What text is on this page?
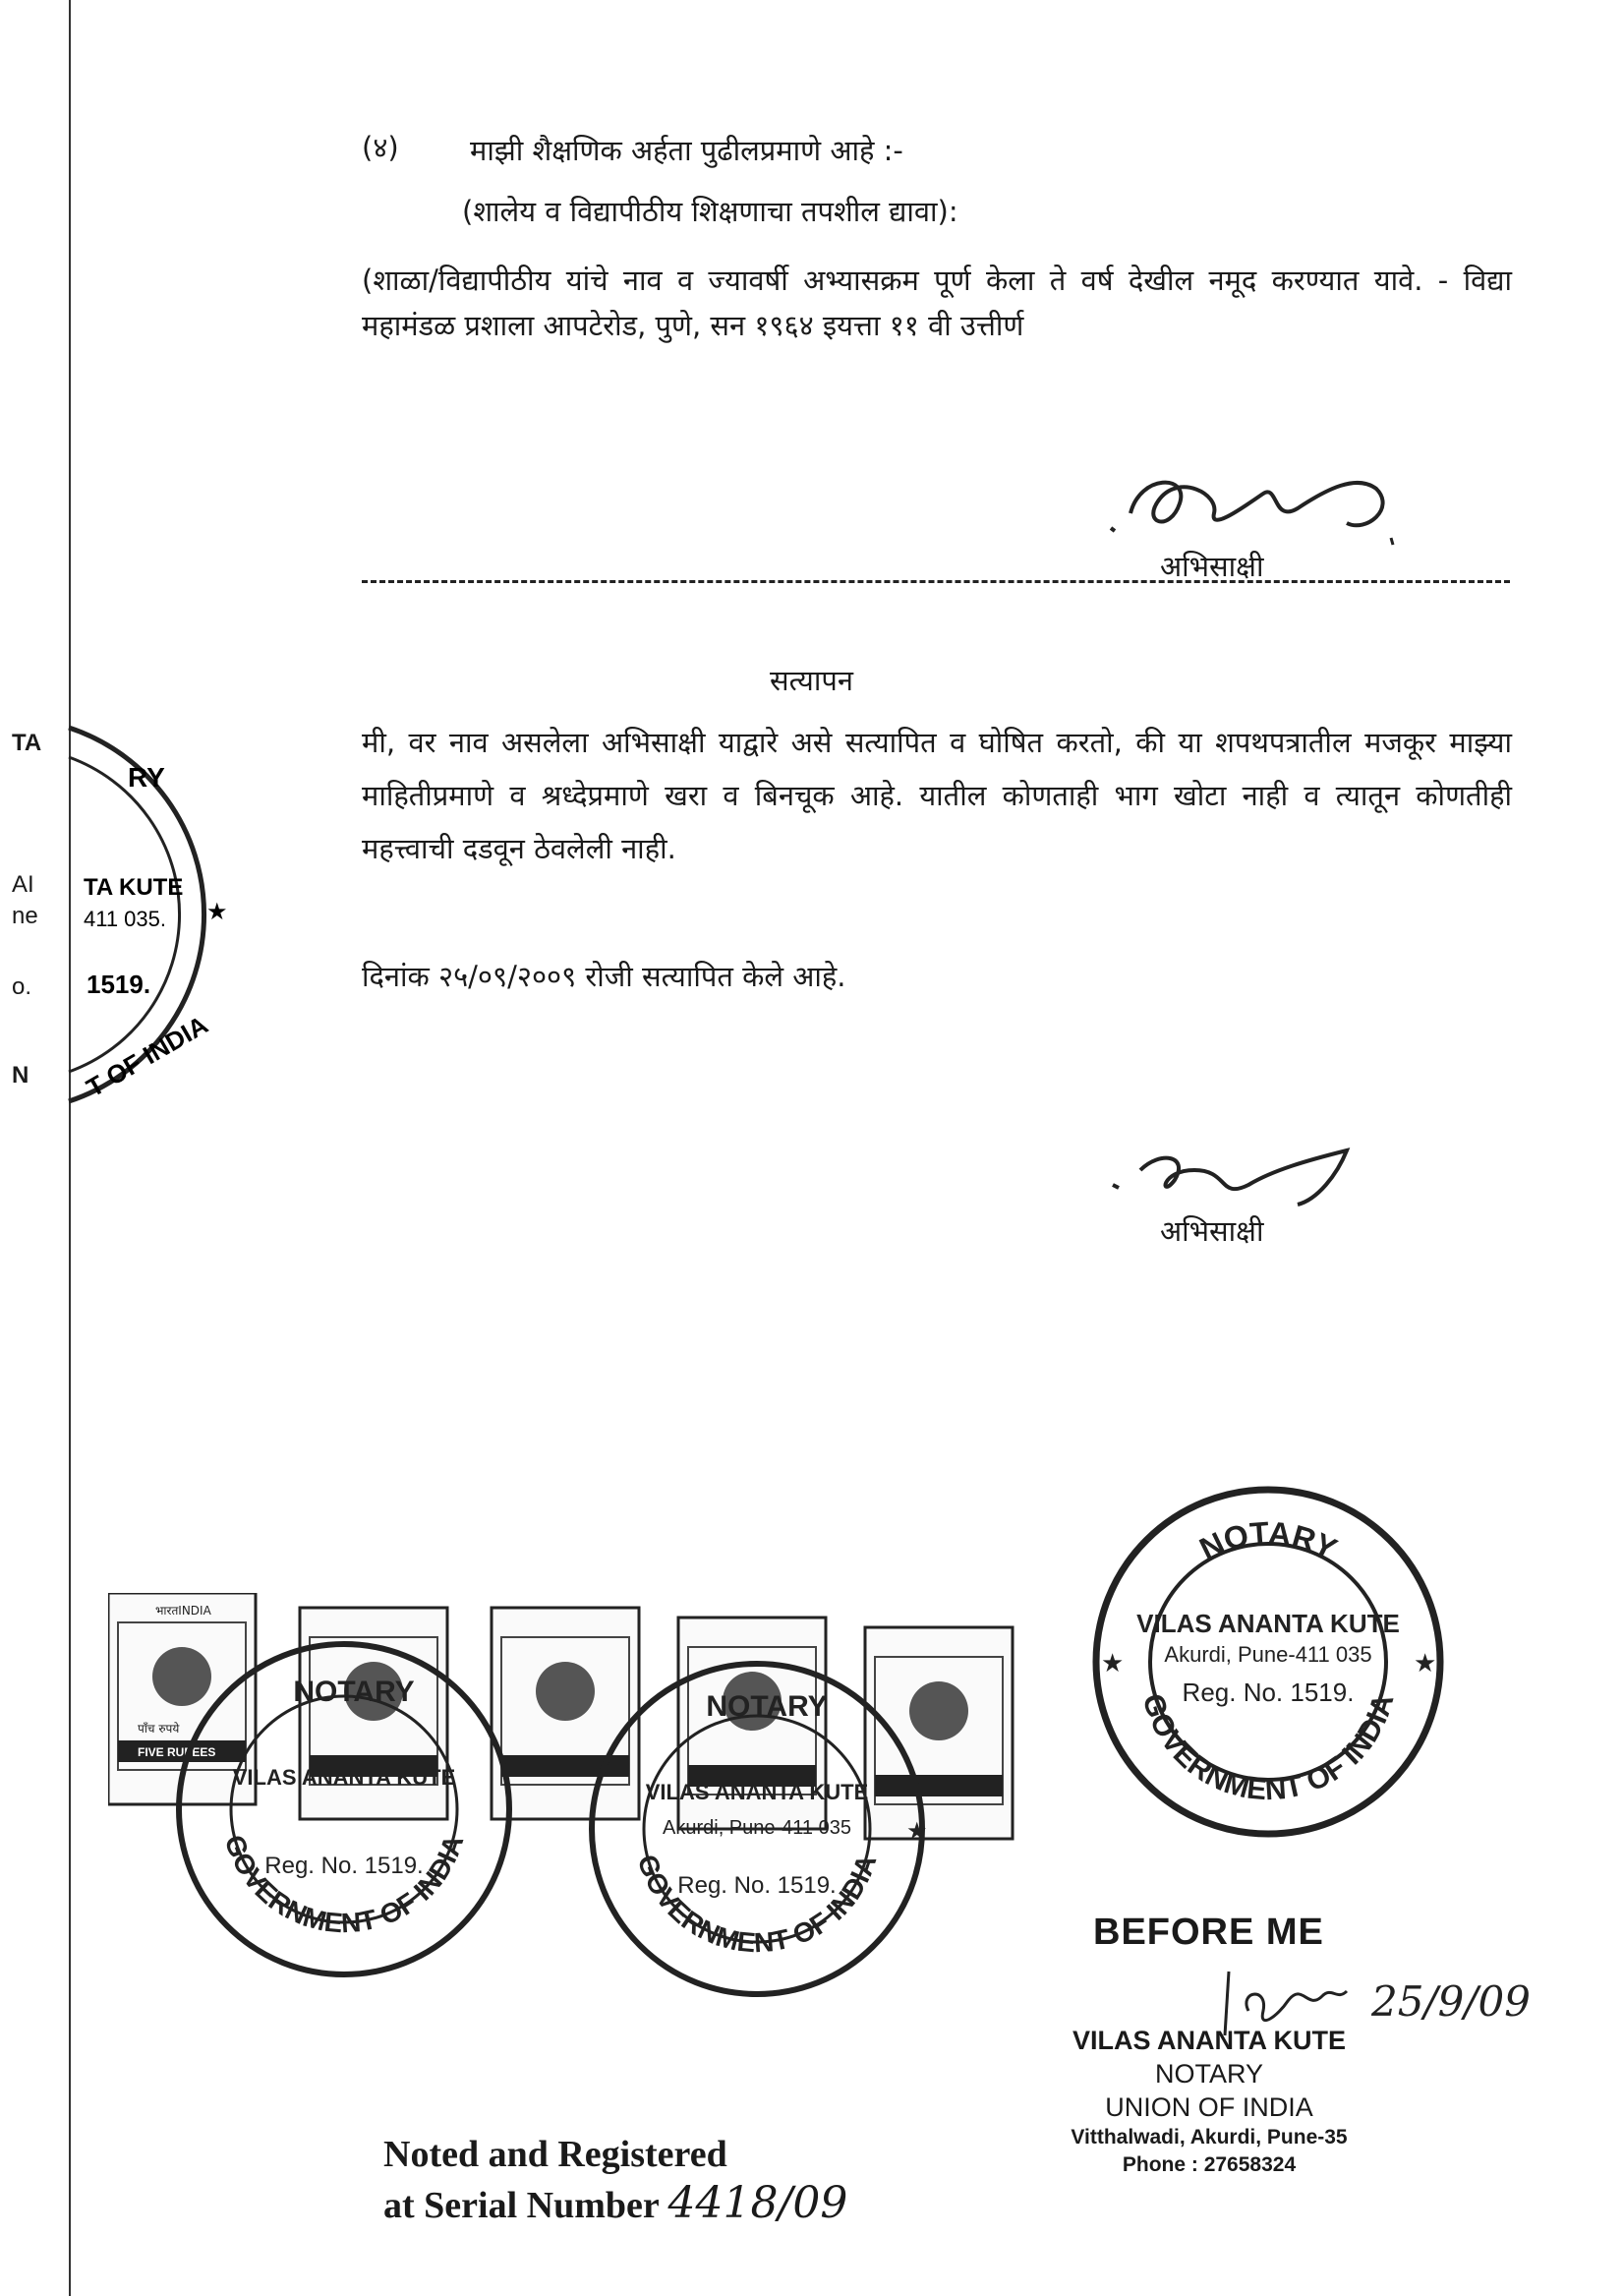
TA
AI
ne
o.
N
(४) माझी शैक्षणिक अर्हता पुढीलप्रमाणे आहे :-

(शालेय व विद्यापीठीय शिक्षणाचा तपशील द्यावा):

(शाळा/विद्यापीठीय यांचे नाव व ज्यावर्षी अभ्यासक्रम पूर्ण केला ते वर्ष देखील नमूद करण्यात यावे. - विद्या महामंडळ प्रशाला आपटेरोड, पुणे, सन १९६४ इयत्ता ११ वी उत्तीर्ण

अभिसाक्षी
सत्यापन

मी, वर नाव असलेला अभिसाक्षी याद्वारे असे सत्यापित व घोषित करतो, की या शपथपत्रातील मजकूर माझ्या माहितीप्रमाणे व श्रध्देप्रमाणे खरा व बिनचूक आहे. यातील कोणताही भाग खोटा नाही व त्यातून कोणतीही महत्त्वाची दडवून ठेवलेली नाही.

दिनांक २५/०९/२००९ रोजी सत्यापित केले आहे.

अभिसाक्षी
RY
TA KUTE
411 035.
1519.
T OF INDIA
★
NOTARY
VILAS ANANTA KUTE
Akurdi, Pune-411 035
Reg. No. 1519.
GOVERNMENT OF INDIA
★	★
भारतINDIA
पाँच रुपये
FIVE RUPEES
NOTARY
VILAS ANANTA KUTE
Reg. No. 1519.
GOVERNMENT OF INDIA
NOTARY
VILAS ANANTA KUTE
Akurdi, Pune-411 035
Reg. No. 1519.
GOVERNMENT OF INDIA
★
BEFORE ME
25/9/09
VILAS ANANTA KUTE
NOTARY
UNION OF INDIA
Vitthalwadi, Akurdi, Pune-35
Phone : 27658324
Noted and Registered
at Serial Number 4418/09
